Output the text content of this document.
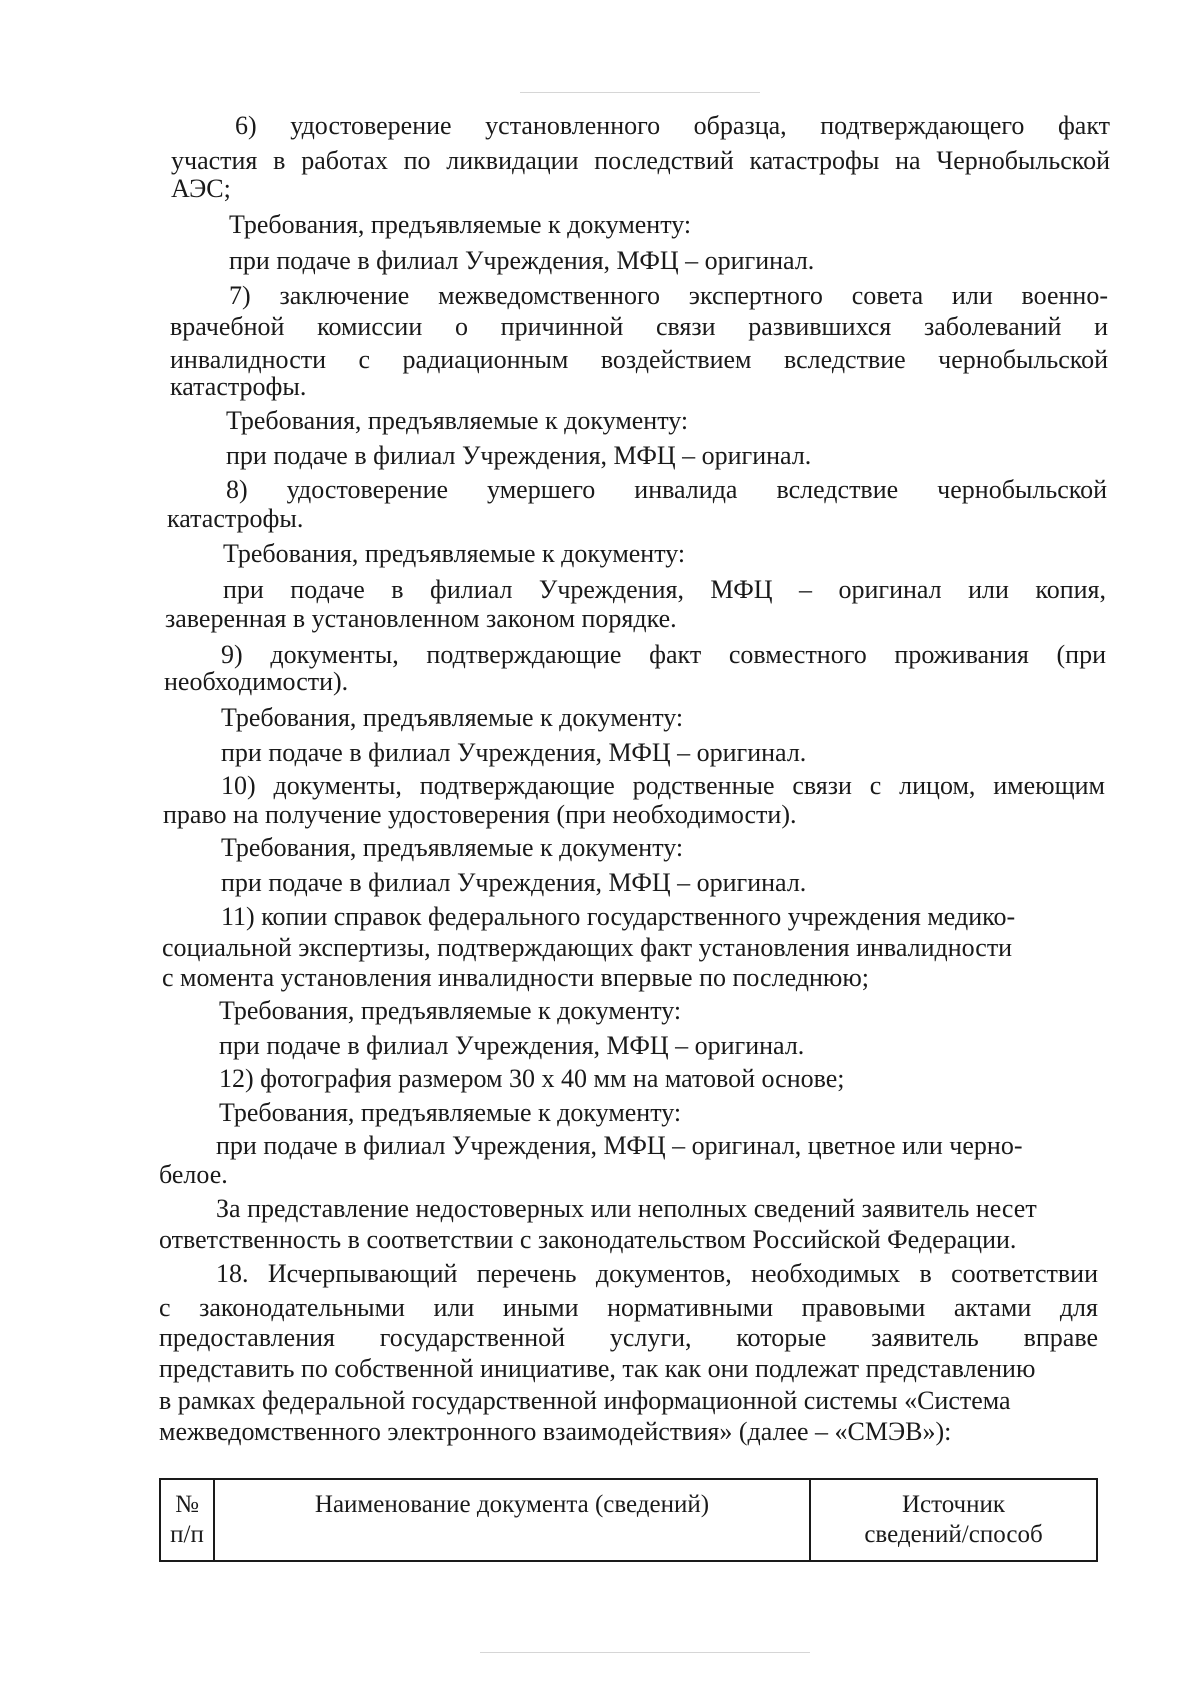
6) удостоверение установленного образца, подтверждающего факт
участия в работах по ликвидации последствий катастрофы на Чернобыльской
АЭС;
Требования, предъявляемые к документу:
при подаче в филиал Учреждения, МФЦ – оригинал.
7) заключение межведомственного экспертного совета или военно-
врачебной комиссии о причинной связи развившихся заболеваний и
инвалидности с радиационным воздействием вследствие чернобыльской
катастрофы.
Требования, предъявляемые к документу:
при подаче в филиал Учреждения, МФЦ – оригинал.
8) удостоверение умершего инвалида вследствие чернобыльской
катастрофы.
Требования, предъявляемые к документу:
при подаче в филиал Учреждения, МФЦ – оригинал или копия,
заверенная в установленном законом порядке.
9) документы, подтверждающие факт совместного проживания (при
необходимости).
Требования, предъявляемые к документу:
при подаче в филиал Учреждения, МФЦ – оригинал.
10) документы, подтверждающие родственные связи с лицом, имеющим
право на получение удостоверения (при необходимости).
Требования, предъявляемые к документу:
при подаче в филиал Учреждения, МФЦ – оригинал.
11) копии справок федерального государственного учреждения медико-
социальной экспертизы, подтверждающих факт установления инвалидности
с момента установления инвалидности впервые по последнюю;
Требования, предъявляемые к документу:
при подаче в филиал Учреждения, МФЦ – оригинал.
12) фотография размером 30 х 40 мм на матовой основе;
Требования, предъявляемые к документу:
при подаче в филиал Учреждения, МФЦ – оригинал, цветное или черно-
белое.
За представление недостоверных или неполных сведений заявитель несет
ответственность в соответствии с законодательством Российской Федерации.
18. Исчерпывающий перечень документов, необходимых в соответствии
с законодательными или иными нормативными правовыми актами для
предоставления государственной услуги, которые заявитель вправе
представить по собственной инициативе, так как они подлежат представлению
в рамках федеральной государственной информационной системы «Система
межведомственного электронного взаимодействия» (далее – «СМЭВ»):
№
п/п	Наименование документа (сведений)	Источник
сведений/способ
